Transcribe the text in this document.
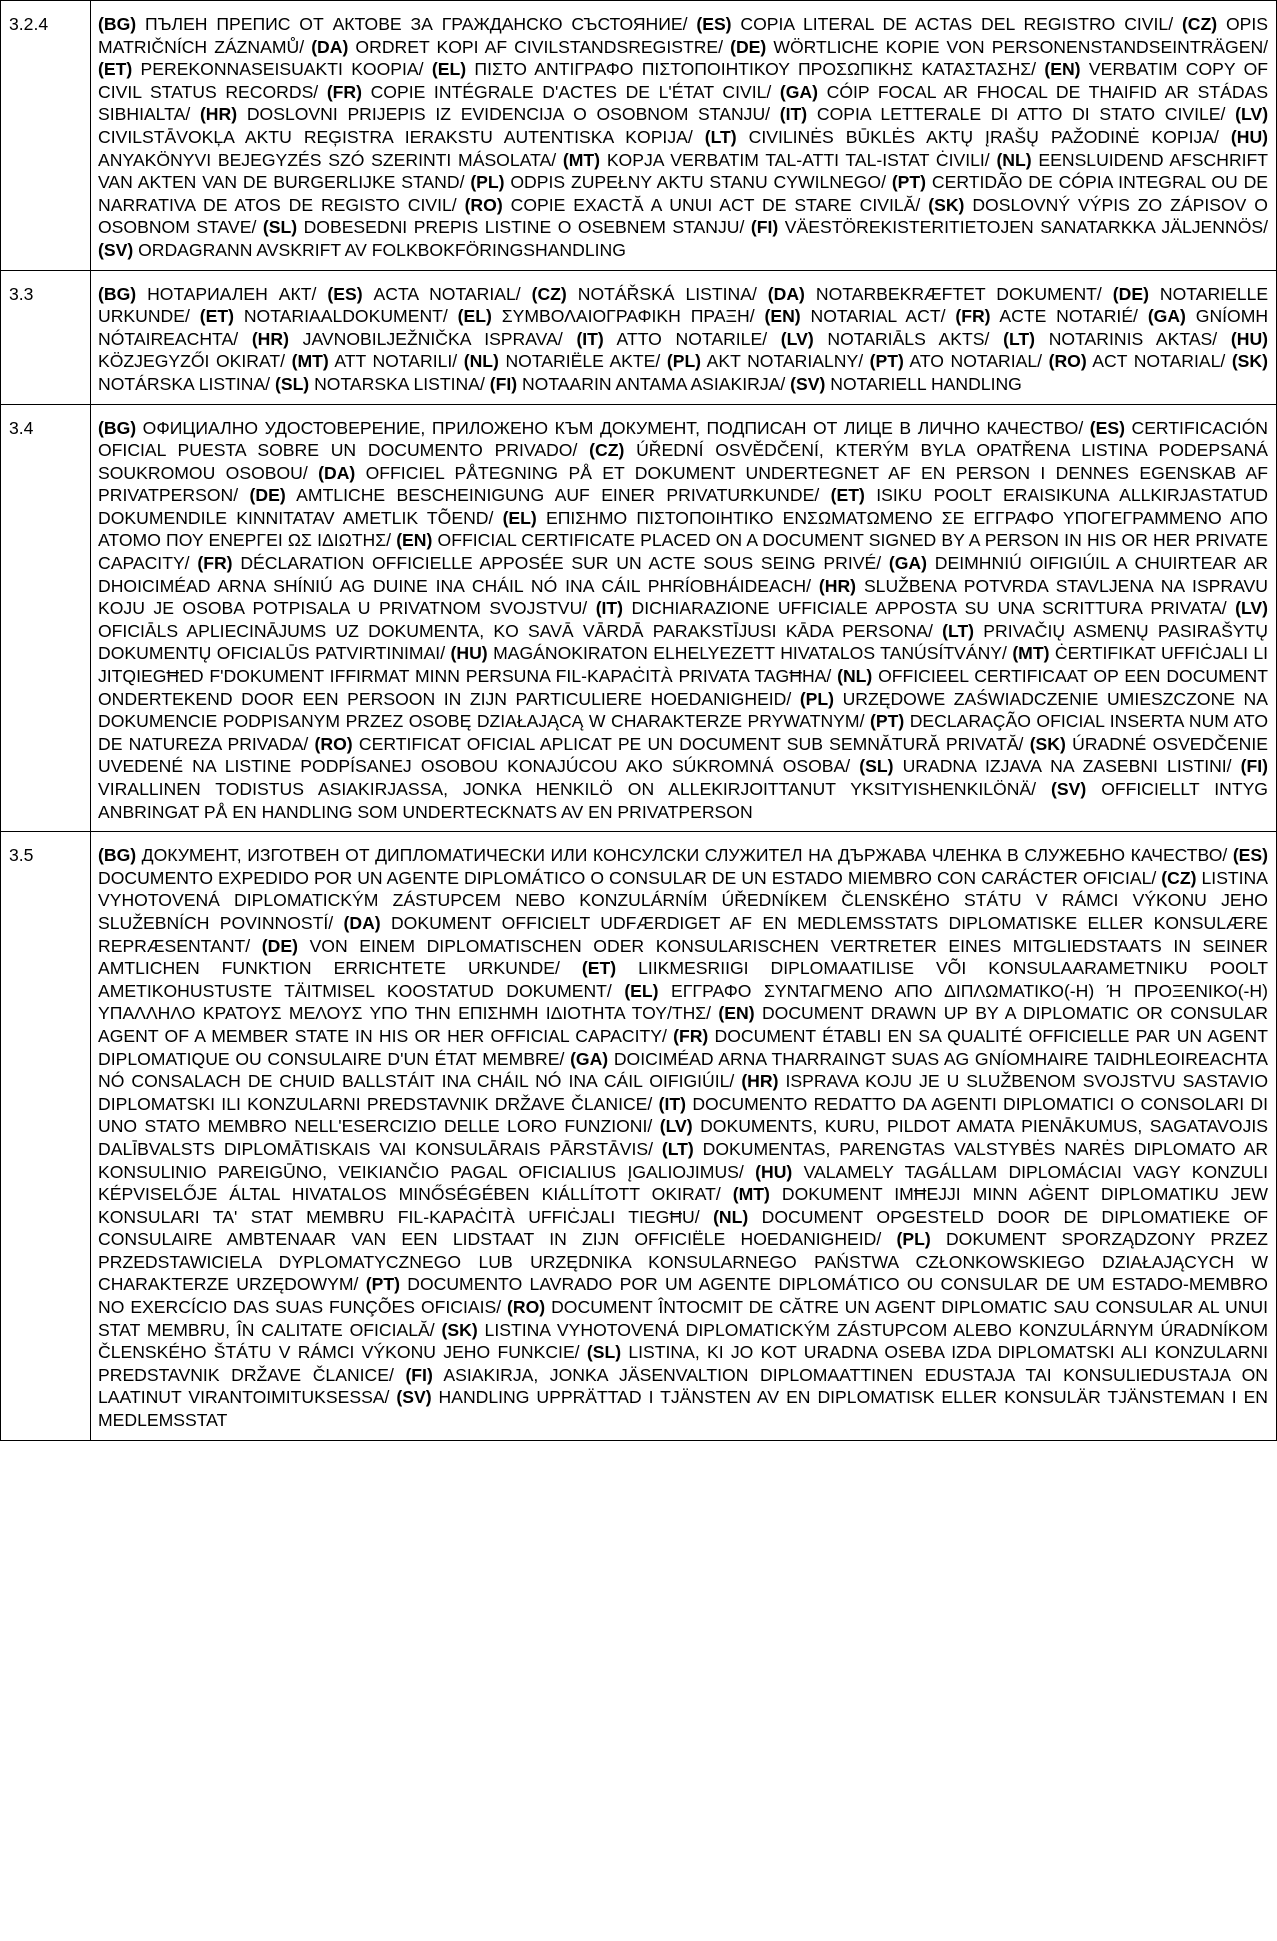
3.2.4	(BG) ПЪЛЕН ПРЕПИС ОТ АКТОВЕ ЗА ГРАЖДАНСКО СЪСТОЯНИЕ/ (ES) COPIA LITERAL DE ACTAS DEL REGISTRO CIVIL/ (CZ) OPIS MATRIČNÍCH ZÁZNAMŮ/ (DA) ORDRET KOPI AF CIVILSTANDSREGISTRE/ (DE) WÖRTLICHE KOPIE VON PERSONENSTANDSEINTRÄGEN/ (ET) PEREKONNASEISUAKTI KOOPIA/ (EL) ΠΙΣΤΟ ΑΝΤΙΓΡΑΦΟ ΠΙΣΤΟΠΟΙΗΤΙΚΟΥ ΠΡΟΣΩΠΙΚΗΣ ΚΑΤΑΣΤΑΣΗΣ/ (EN) VERBATIM COPY OF CIVIL STATUS RECORDS/ (FR) COPIE INTÉGRALE D'ACTES DE L'ÉTAT CIVIL/ (GA) CÓIP FOCAL AR FHOCAL DE THAIFID AR STÁDAS SIBHIALTA/ (HR) DOSLOVNI PRIJEPIS IZ EVIDENCIJA O OSOBNOM STANJU/ (IT) COPIA LETTERALE DI ATTO DI STATO CIVILE/ (LV) CIVILSTĀVOKĻA AKTU REĢISTRA IERAKSTU AUTENTISKA KOPIJA/ (LT) CIVILINĖS BŪKLĖS AKTŲ ĮRAŠŲ PAŽODINĖ KOPIJA/ (HU) ANYAKÖNYVI BEJEGYZÉS SZÓ SZERINTI MÁSOLATA/ (MT) KOPJA VERBATIM TAL-ATTI TAL-ISTAT ĊIVILI/ (NL) EENSLUIDEND AFSCHRIFT VAN AKTEN VAN DE BURGERLIJKE STAND/ (PL) ODPIS ZUPEŁNY AKTU STANU CYWILNEGO/ (PT) CERTIDÃO DE CÓPIA INTEGRAL OU DE NARRATIVA DE ATOS DE REGISTO CIVIL/ (RO) COPIE EXACTĂ A UNUI ACT DE STARE CIVILĂ/ (SK) DOSLOVNÝ VÝPIS ZO ZÁPISOV O OSOBNOM STAVE/ (SL) DOBESEDNI PREPIS LISTINE O OSEBNEM STANJU/ (FI) VÄESTÖREKISTERITIETOJEN SANATARKKA JÄLJENNÖS/ (SV) ORDAGRANN AVSKRIFT AV FOLKBOKFÖRINGSHANDLING
3.3	(BG) НОТАРИАЛЕН АКТ/ (ES) ACTA NOTARIAL/ (CZ) NOTÁŘSKÁ LISTINA/ (DA) NOTARBEKRÆFTET DOKUMENT/ (DE) NOTARIELLE URKUNDE/ (ET) NOTARIAALDOKUMENT/ (EL) ΣΥΜΒΟΛΑΙΟΓΡΑΦΙΚΗ ΠΡΑΞΗ/ (EN) NOTARIAL ACT/ (FR) ACTE NOTARIÉ/ (GA) GNÍOMH NÓTAIREACHTA/ (HR) JAVNOBILJEŽNIČKA ISPRAVA/ (IT) ATTO NOTARILE/ (LV) NOTARIĀLS AKTS/ (LT) NOTARINIS AKTAS/ (HU) KÖZJEGYZŐI OKIRAT/ (MT) ATT NOTARILI/ (NL) NOTARIËLE AKTE/ (PL) AKT NOTARIALNY/ (PT) ATO NOTARIAL/ (RO) ACT NOTARIAL/ (SK) NOTÁRSKA LISTINA/ (SL) NOTARSKA LISTINA/ (FI) NOTAARIN ANTAMA ASIAKIRJA/ (SV) NOTARIELL HANDLING
3.4	(BG) ОФИЦИАЛНО УДОСТОВЕРЕНИЕ, ПРИЛОЖЕНО КЪМ ДОКУМЕНТ, ПОДПИСАН ОТ ЛИЦЕ В ЛИЧНО КАЧЕСТВО/ (ES) CERTIFICACIÓN OFICIAL PUESTA SOBRE UN DOCUMENTO PRIVADO/ (CZ) ÚŘEDNÍ OSVĚDČENÍ, KTERÝM BYLA OPATŘENA LISTINA PODEPSANÁ SOUKROMOU OSOBOU/ (DA) OFFICIEL PÅTEGNING PÅ ET DOKUMENT UNDERTEGNET AF EN PERSON I DENNES EGENSKAB AF PRIVATPERSON/ (DE) AMTLICHE BESCHEINIGUNG AUF EINER PRIVATURKUNDE/ (ET) ISIKU POOLT ERAISIKUNA ALLKIRJASTATUD DOKUMENDILE KINNITATAV AMETLIK TÕEND/ (EL) ΕΠΙΣΗΜΟ ΠΙΣΤΟΠΟΙΗΤΙΚΟ ΕΝΣΩΜΑΤΩΜΕΝΟ ΣΕ ΕΓΓΡΑΦΟ ΥΠΟΓΕΓΡΑΜΜΕΝΟ ΑΠΟ ΑΤΟΜΟ ΠΟΥ ΕΝΕΡΓΕΙ ΩΣ ΙΔΙΩΤΗΣ/ (EN) OFFICIAL CERTIFICATE PLACED ON A DOCUMENT SIGNED BY A PERSON IN HIS OR HER PRIVATE CAPACITY/ (FR) DÉCLARATION OFFICIELLE APPOSÉE SUR UN ACTE SOUS SEING PRIVÉ/ (GA) DEIMHNIÚ OIFIGIÚIL A CHUIRTEAR AR DHOICIMÉAD ARNA SHÍNIÚ AG DUINE INA CHÁIL NÓ INA CÁIL PHRÍOBHÁIDEACH/ (HR) SLUŽBENA POTVRDA STAVLJENA NA ISPRAVU KOJU JE OSOBA POTPISALA U PRIVATNOM SVOJSTVU/ (IT) DICHIARAZIONE UFFICIALE APPOSTA SU UNA SCRITTURA PRIVATA/ (LV) OFICIĀLS APLIECINĀJUMS UZ DOKUMENTA, KO SAVĀ VĀRDĀ PARAKSTĪJUSI KĀDA PERSONA/ (LT) PRIVAČIŲ ASMENŲ PASIRAŠYTŲ DOKUMENTŲ OFICIALŪS PATVIRTINIMAI/ (HU) MAGÁNOKIRATON ELHELYEZETT HIVATALOS TANÚSÍTVÁNY/ (MT) ĊERTIFIKAT UFFIĊJALI LI JITQIEGĦED F'DOKUMENT IFFIRMAT MINN PERSUNA FIL-KAPAĊITÀ PRIVATA TAGĦHA/ (NL) OFFICIEEL CERTIFICAAT OP EEN DOCUMENT ONDERTEKEND DOOR EEN PERSOON IN ZIJN PARTICULIERE HOEDANIGHEID/ (PL) URZĘDOWE ZAŚWIADCZENIE UMIESZCZONE NA DOKUMENCIE PODPISANYM PRZEZ OSOBĘ DZIAŁAJĄCĄ W CHARAKTERZE PRYWATNYM/ (PT) DECLARAÇÃO OFICIAL INSERTA NUM ATO DE NATUREZA PRIVADA/ (RO) CERTIFICAT OFICIAL APLICAT PE UN DOCUMENT SUB SEMNĂTURĂ PRIVATĂ/ (SK) ÚRADNÉ OSVEDČENIE UVEDENÉ NA LISTINE PODPÍSANEJ OSOBOU KONAJÚCOU AKO SÚKROMNÁ OSOBA/ (SL) URADNA IZJAVA NA ZASEBNI LISTINI/ (FI) VIRALLINEN TODISTUS ASIAKIRJASSA, JONKA HENKILÖ ON ALLEKIRJOITTANUT YKSITYISHENKILÖNÄ/ (SV) OFFICIELLT INTYG ANBRINGAT PÅ EN HANDLING SOM UNDERTECKNATS AV EN PRIVATPERSON
3.5	(BG) ДОКУМЕНТ, ИЗГОТВЕН ОТ ДИПЛОМАТИЧЕСКИ ИЛИ КОНСУЛСКИ СЛУЖИТЕЛ НА ДЪРЖАВА ЧЛЕНКА В СЛУЖЕБНО КАЧЕСТВО/ (ES) DOCUMENTO EXPEDIDO POR UN AGENTE DIPLOMÁTICO O CONSULAR DE UN ESTADO MIEMBRO CON CARÁCTER OFICIAL/ (CZ) LISTINA VYHOTOVENÁ DIPLOMATICKÝM ZÁSTUPCEM NEBO KONZULÁRNÍM ÚŘEDNÍKEM ČLENSKÉHO STÁTU V RÁMCI VÝKONU JEHO SLUŽEBNÍCH POVINNOSTÍ/ (DA) DOKUMENT OFFICIELT UDFÆRDIGET AF EN MEDLEMSSTATS DIPLOMATISKE ELLER KONSULÆRE REPRÆSENTANT/ (DE) VON EINEM DIPLOMATISCHEN ODER KONSULARISCHEN VERTRETER EINES MITGLIEDSTAATS IN SEINER AMTLICHEN FUNKTION ERRICHTETE URKUNDE/ (ET) LIIKMESRIIGI DIPLOMAATILISE VÕI KONSULAARAMETNIKU POOLT AMETIKOHUSTUSTE TÄITMISEL KOOSTATUD DOKUMENT/ (EL) ΕΓΓΡΑΦΟ ΣΥΝΤΑΓΜΕΝΟ ΑΠΟ ΔΙΠΛΩΜΑΤΙΚΟ(-Η) Ή ΠΡΟΞΕΝΙΚΟ(-Η) ΥΠΑΛΛΗΛΟ ΚΡΑΤΟΥΣ ΜΕΛΟΥΣ ΥΠΟ ΤΗΝ ΕΠΙΣΗΜΗ ΙΔΙΟΤΗΤΑ ΤΟΥ/ΤΗΣ/ (EN) DOCUMENT DRAWN UP BY A DIPLOMATIC OR CONSULAR AGENT OF A MEMBER STATE IN HIS OR HER OFFICIAL CAPACITY/ (FR) DOCUMENT ÉTABLI EN SA QUALITÉ OFFICIELLE PAR UN AGENT DIPLOMATIQUE OU CONSULAIRE D'UN ÉTAT MEMBRE/ (GA) DOICIMÉAD ARNA THARRAINGT SUAS AG GNÍOMHAIRE TAIDHLEOIREACHTA NÓ CONSALACH DE CHUID BALLSTÁIT INA CHÁIL NÓ INA CÁIL OIFIGIÚIL/ (HR) ISPRAVA KOJU JE U SLUŽBENOM SVOJSTVU SASTAVIO DIPLOMATSKI ILI KONZULARNI PREDSTAVNIK DRŽAVE ČLANICE/ (IT) DOCUMENTO REDATTO DA AGENTI DIPLOMATICI O CONSOLARI DI UNO STATO MEMBRO NELL'ESERCIZIO DELLE LORO FUNZIONI/ (LV) DOKUMENTS, KURU, PILDOT AMATA PIENĀKUMUS, SAGATAVOJIS DALĪBVALSTS DIPLOMĀTISKAIS VAI KONSULĀRAIS PĀRSTĀVIS/ (LT) DOKUMENTAS, PARENGTAS VALSTYBĖS NARĖS DIPLOMATO AR KONSULINIO PAREIGŪNO, VEIKIANČIO PAGAL OFICIALIUS ĮGALIOJIMUS/ (HU) VALAMELY TAGÁLLAM DIPLOMÁCIAI VAGY KONZULI KÉPVISELŐJE ÁLTAL HIVATALOS MINŐSÉGÉBEN KIÁLLÍTOTT OKIRAT/ (MT) DOKUMENT IMĦEJJI MINN AĠENT DIPLOMATIKU JEW KONSULARI TA' STAT MEMBRU FIL-KAPAĊITÀ UFFIĊJALI TIEGĦU/ (NL) DOCUMENT OPGESTELD DOOR DE DIPLOMATIEKE OF CONSULAIRE AMBTENAAR VAN EEN LIDSTAAT IN ZIJN OFFICIËLE HOEDANIGHEID/ (PL) DOKUMENT SPORZĄDZONY PRZEZ PRZEDSTAWICIELA DYPLOMATYCZNEGO LUB URZĘDNIKA KONSULARNEGO PAŃSTWA CZŁONKOWSKIEGO DZIAŁAJĄCYCH W CHARAKTERZE URZĘDOWYM/ (PT) DOCUMENTO LAVRADO POR UM AGENTE DIPLOMÁTICO OU CONSULAR DE UM ESTADO-MEMBRO NO EXERCÍCIO DAS SUAS FUNÇÕES OFICIAIS/ (RO) DOCUMENT ÎNTOCMIT DE CĂTRE UN AGENT DIPLOMATIC SAU CONSULAR AL UNUI STAT MEMBRU, ÎN CALITATE OFICIALĂ/ (SK) LISTINA VYHOTOVENÁ DIPLOMATICKÝM ZÁSTUPCOM ALEBO KONZULÁRNYM ÚRADNÍKOM ČLENSKÉHO ŠTÁTU V RÁMCI VÝKONU JEHO FUNKCIE/ (SL) LISTINA, KI JO KOT URADNA OSEBA IZDA DIPLOMATSKI ALI KONZULARNI PREDSTAVNIK DRŽAVE ČLANICE/ (FI) ASIAKIRJA, JONKA JÄSENVALTION DIPLOMAATTINEN EDUSTAJA TAI KONSULIEDUSTAJA ON LAATINUT VIRANTOIMITUKSESSA/ (SV) HANDLING UPPRÄTTAD I TJÄNSTEN AV EN DIPLOMATISK ELLER KONSULÄR TJÄNSTEMAN I EN MEDLEMSSTAT
